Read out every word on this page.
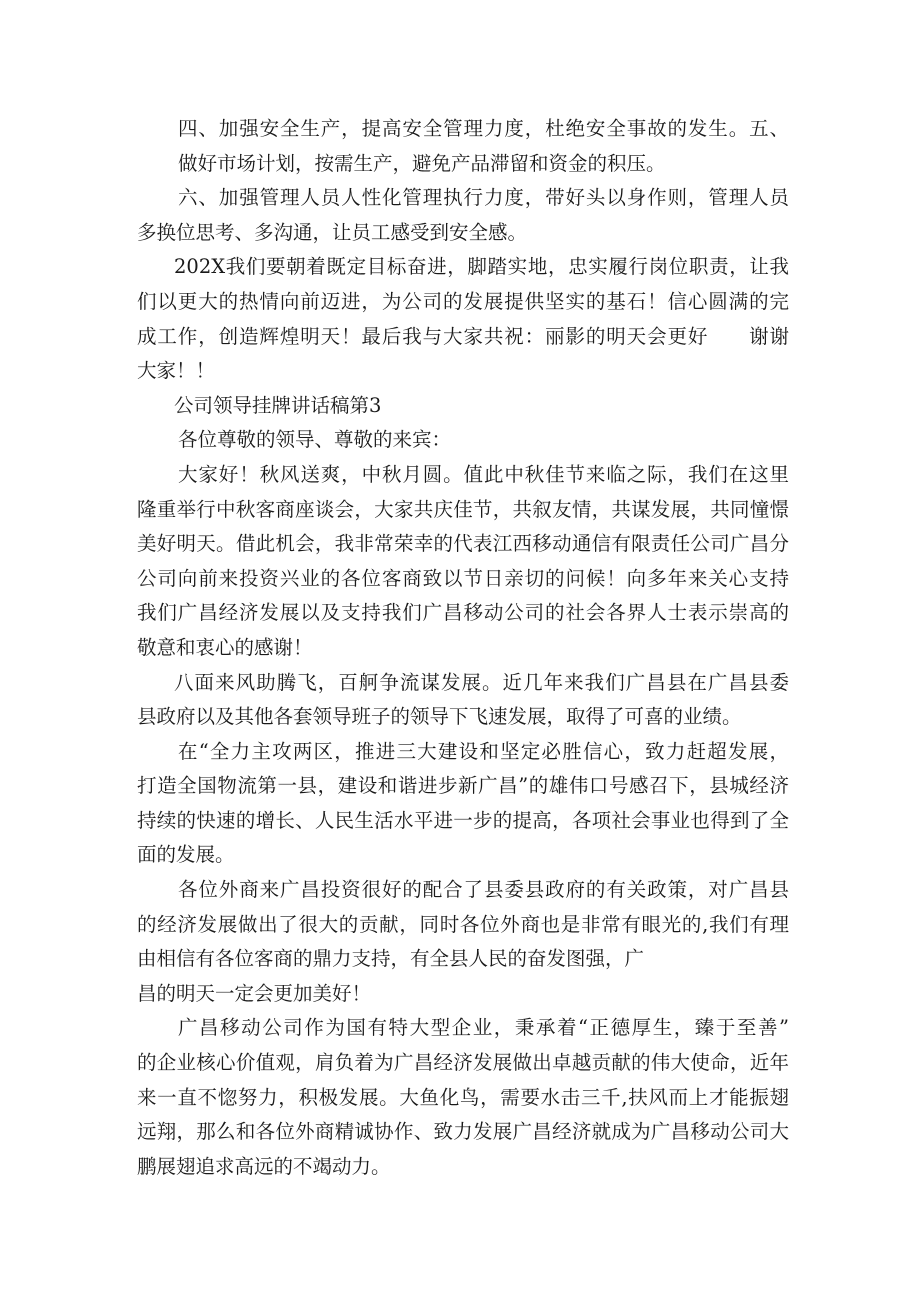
四、加强安全生产，提高安全管理力度，杜绝安全事故的发生。五、
做好市场计划，按需生产，避免产品滞留和资金的积压。
六、加强管理人员人性化管理执行力度，带好头以身作则，管理人员
多换位思考、多沟通，让员工感受到安全感。
202X我们要朝着既定目标奋进，脚踏实地，忠实履行岗位职责，让我
们以更大的热情向前迈进，为公司的发展提供坚实的基石！信心圆满的完
成工作，创造辉煌明天！最后我与大家共祝：丽影的明天会更好　　谢谢
大家！！
公司领导挂牌讲话稿第3
各位尊敬的领导、尊敬的来宾：
大家好！秋风送爽，中秋月圆。值此中秋佳节来临之际，我们在这里
隆重举行中秋客商座谈会，大家共庆佳节，共叙友情，共谋发展，共同憧憬
美好明天。借此机会，我非常荣幸的代表江西移动通信有限责任公司广昌分
公司向前来投资兴业的各位客商致以节日亲切的问候！向多年来关心支持
我们广昌经济发展以及支持我们广昌移动公司的社会各界人士表示崇高的
敬意和衷心的感谢！
八面来风助腾飞，百舸争流谋发展。近几年来我们广昌县在广昌县委
县政府以及其他各套领导班子的领导下飞速发展，取得了可喜的业绩。
在“全力主攻两区，推进三大建设和坚定必胜信心，致力赶超发展，
打造全国物流第一县，建设和谐进步新广昌”的雄伟口号感召下，县城经济
持续的快速的增长、人民生活水平进一步的提高，各项社会事业也得到了全
面的发展。
各位外商来广昌投资很好的配合了县委县政府的有关政策，对广昌县
的经济发展做出了很大的贡献，同时各位外商也是非常有眼光的,我们有理
由相信有各位客商的鼎力支持，有全县人民的奋发图强，广
昌的明天一定会更加美好！
广昌移动公司作为国有特大型企业，秉承着“正德厚生，臻于至善”
的企业核心价值观，肩负着为广昌经济发展做出卓越贡献的伟大使命，近年
来一直不惚努力，积极发展。大鱼化鸟，需要水击三千,扶风而上才能振翅
远翔，那么和各位外商精诚协作、致力发展广昌经济就成为广昌移动公司大
鹏展翅追求高远的不竭动力。
